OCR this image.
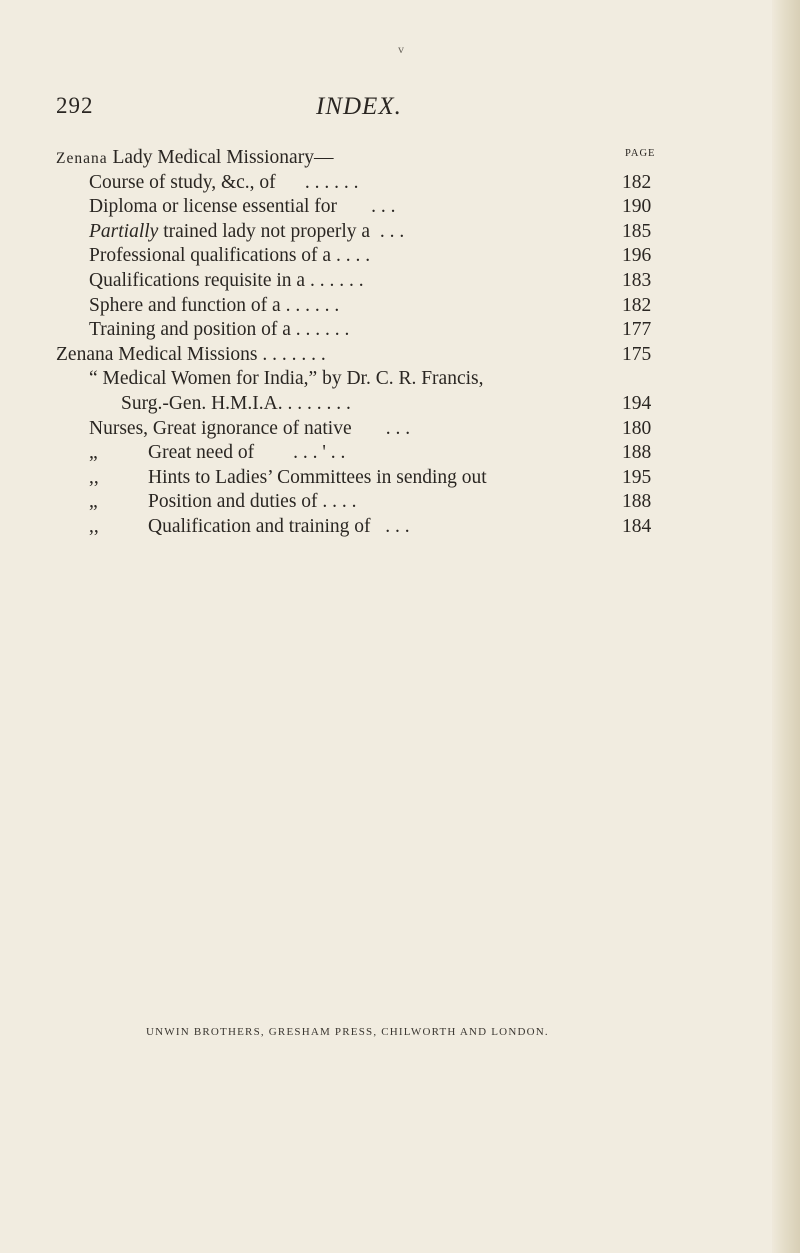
v
292	INDEX.
PAGE
Zenana Lady Medical Missionary—
Course of study, &c., of . . . . . .	182
Diploma or license essential for . . .	190
Partially trained lady not properly a . . .	185
Professional qualifications of a . . . .	196
Qualifications requisite in a . . . . . .	183
Sphere and function of a . . . . . .	182
Training and position of a . . . . . .	177
Zenana Medical Missions . . . . . . .	175
“ Medical Women for India,” by Dr. C. R. Francis,
Surg.-Gen. H.M.I.A. . . . . . . .	194
Nurses, Great ignorance of native . . .	180
„	Great need of . . . ' . .	188
,,	Hints to Ladies’ Committees in sending out	195
„	Position and duties of . . . .	188
,,	Qualification and training of . . .	184
UNWIN BROTHERS, GRESHAM PRESS, CHILWORTH AND LONDON.
